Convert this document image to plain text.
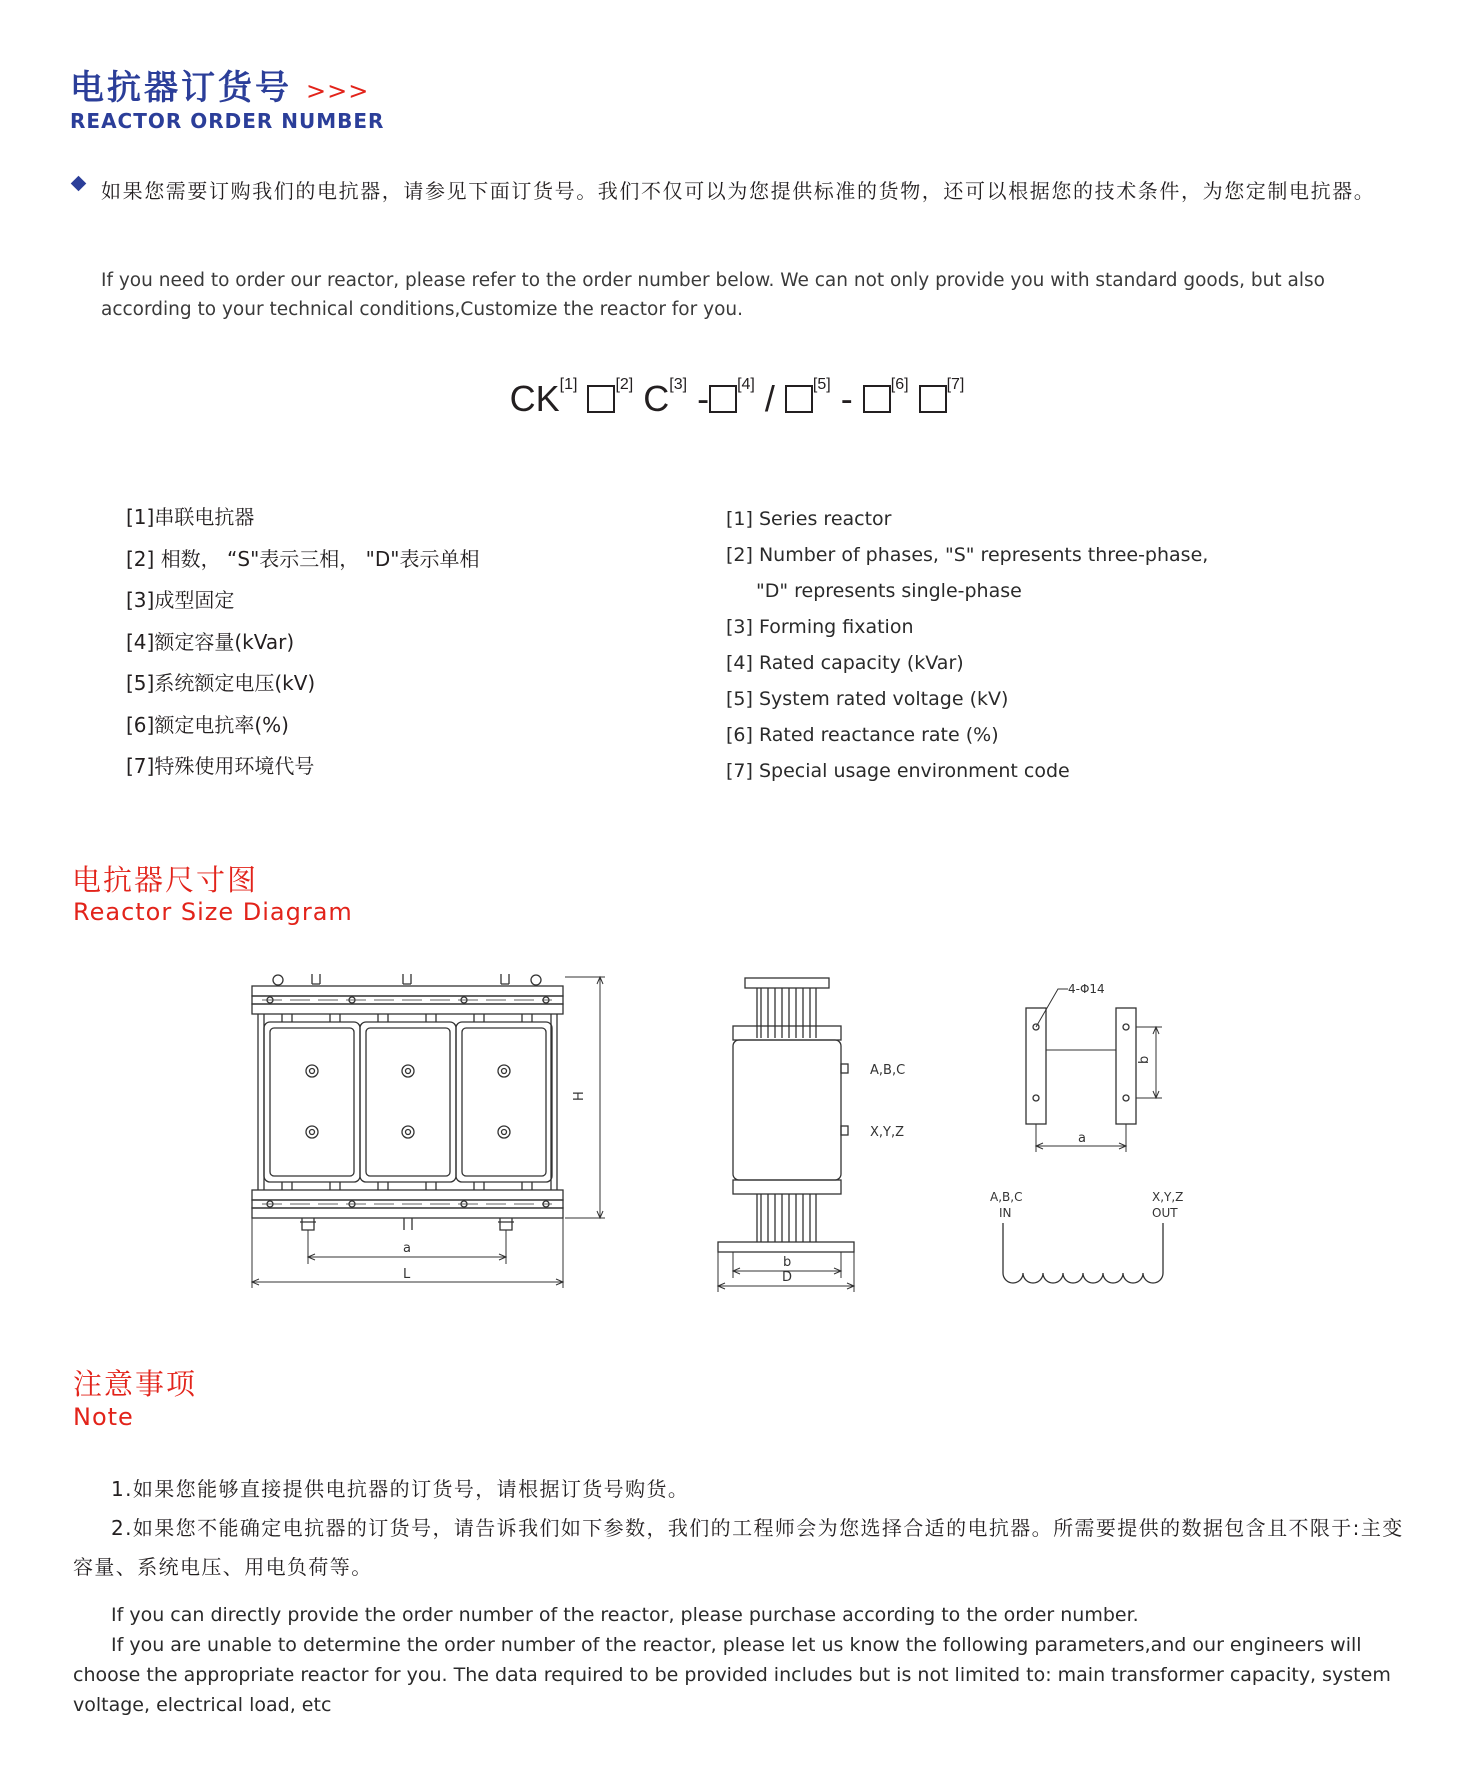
电抗器订货号 >>>
REACTOR ORDER NUMBER
如果您需要订购我们的电抗器，请参见下面订货号。我们不仅可以为您提供标准的货物，还可以根据您的技术条件，为您定制电抗器。
If you need to order our reactor, please refer to the order number below. We can not only provide you with standard goods, but also according to your technical conditions,Customize the reactor for you.
CK[1] [2] C[3] - [4] / [5] - [6] [7]
[1]串联电抗器
[2] 相数， “S"表示三相， "D"表示单相
[3]成型固定
[4]额定容量(kVar)
[5]系统额定电压(kV)
[6]额定电抗率(%)
[7]特殊使用环境代号
[1] Series reactor
[2] Number of phases, "S" represents three-phase,
"D" represents single-phase
[3] Forming fixation
[4] Rated capacity (kVar)
[5] System rated voltage (kV)
[6] Rated reactance rate (%)
[7] Special usage environment code
电抗器尺寸图
Reactor Size Diagram
H
a
L
b
D
A,B,C
X,Y,Z
4-Φ14
b
a
A,B,C
IN
X,Y,Z
OUT
注意事项
Note

1.如果您能够直接提供电抗器的订货号，请根据订货号购货。

2.如果您不能确定电抗器的订货号，请告诉我们如下参数，我们的工程师会为您选择合适的电抗器。所需要提供的数据包含且不限于:主变容量、系统电压、用电负荷等。

If you can directly provide the order number of the reactor, please purchase according to the order number.

If you are unable to determine the order number of the reactor, please let us know the following parameters,and our engineers will choose the appropriate reactor for you. The data required to be provided includes but is not limited to: main transformer capacity, system voltage, electrical load, etc
